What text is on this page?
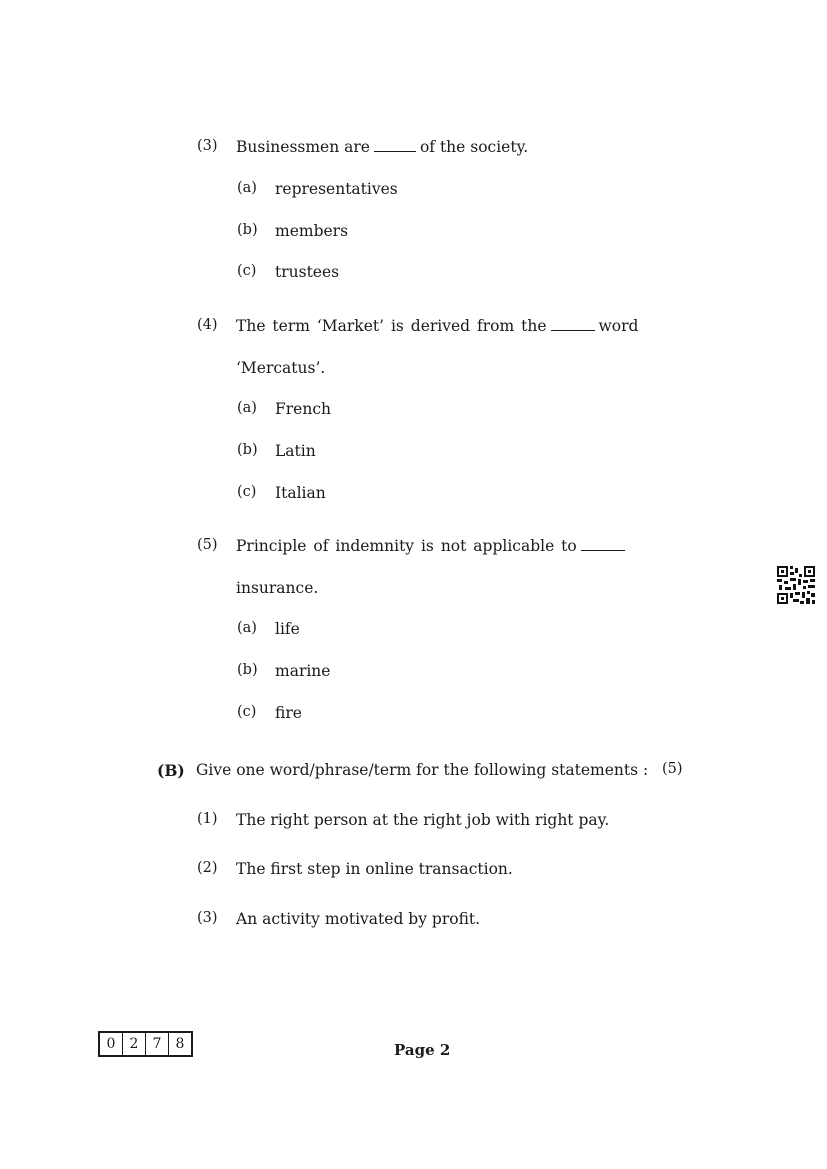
(3) Businessmen are	of the society.
(a) representatives
(b) members
(c) trustees
(4) The term ‘Market’ is derived from the	word
‘Mercatus’.
(a) French
(b) Latin
(c) Italian
(5) Principle of indemnity is not applicable to
insurance.
(a) life
(b) marine
(c) fire
(B) Give one word/phrase/term for the following statements : (5)
(1) The right person at the right job with right pay.
(2) The first step in online transaction.
(3) An activity motivated by profit.
0	2	7	8	Page 2
